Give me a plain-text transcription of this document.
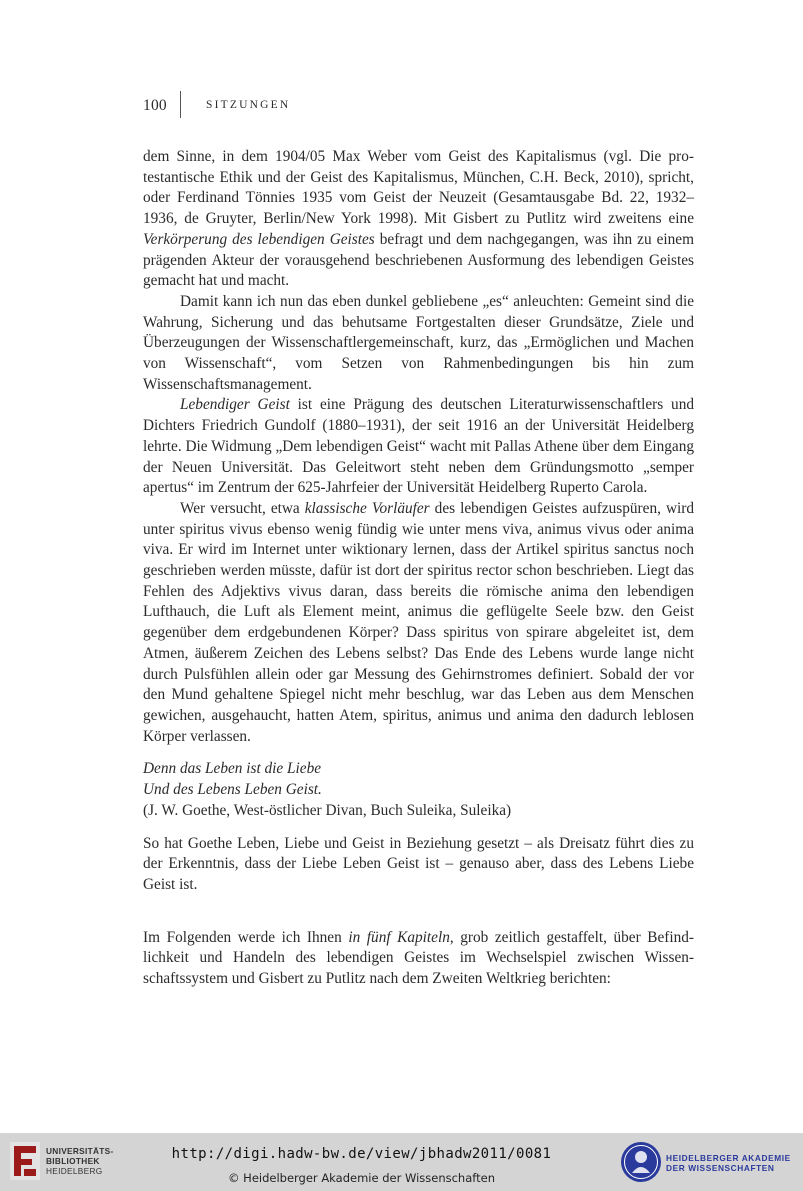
100	SITZUNGEN

dem Sinne, in dem 1904/05 Max Weber vom Geist des Kapitalismus (vgl. Die protestantische Ethik und der Geist des Kapitalismus, München, C.H. Beck, 2010), spricht, oder Ferdinand Tönnies 1935 vom Geist der Neuzeit (Gesamtausgabe Bd. 22, 1932–1936, de Gruyter, Berlin/New York 1998). Mit Gisbert zu Putlitz wird zweitens eine Verkörperung des lebendigen Geistes befragt und dem nachgegangen, was ihn zu einem prägenden Akteur der vorausgehend beschriebenen Ausformung des lebendigen Geistes gemacht hat und macht.

Damit kann ich nun das eben dunkel gebliebene „es“ anleuchten: Gemeint sind die Wahrung, Sicherung und das behutsame Fortgestalten dieser Grundsätze, Ziele und Überzeugungen der Wissenschaftlergemeinschaft, kurz, das „Ermöglichen und Machen von Wissenschaft“, vom Setzen von Rahmenbedingungen bis hin zum Wissenschaftsmanagement.

Lebendiger Geist ist eine Prägung des deutschen Literaturwissenschaftlers und Dichters Friedrich Gundolf (1880–1931), der seit 1916 an der Universität Heidelberg lehrte. Die Widmung „Dem lebendigen Geist“ wacht mit Pallas Athene über dem Eingang der Neuen Universität. Das Geleitwort steht neben dem Gründungsmotto „semper apertus“ im Zentrum der 625-Jahrfeier der Universität Heidelberg Ruperto Carola.

Wer versucht, etwa klassische Vorläufer des lebendigen Geistes aufzuspüren, wird unter spiritus vivus ebenso wenig fündig wie unter mens viva, animus vivus oder anima viva. Er wird im Internet unter wiktionary lernen, dass der Artikel spiritus sanctus noch geschrieben werden müsste, dafür ist dort der spiritus rector schon beschrieben. Liegt das Fehlen des Adjektivs vivus daran, dass bereits die römische anima den lebendigen Lufthauch, die Luft als Element meint, animus die geflügelte Seele bzw. den Geist gegenüber dem erdgebundenen Körper? Dass spiritus von spirare abgeleitet ist, dem Atmen, äußerem Zeichen des Lebens selbst? Das Ende des Lebens wurde lange nicht durch Pulsfühlen allein oder gar Messung des Gehirnstromes definiert. Sobald der vor den Mund gehaltene Spiegel nicht mehr beschlug, war das Leben aus dem Menschen gewichen, ausgehaucht, hatten Atem, spiritus, animus und anima den dadurch leblosen Körper verlassen.

Denn das Leben ist die Liebe
Und des Lebens Leben Geist.
(J. W. Goethe, West-östlicher Divan, Buch Suleika, Suleika)

So hat Goethe Leben, Liebe und Geist in Beziehung gesetzt – als Dreisatz führt dies zu der Erkenntnis, dass der Liebe Leben Geist ist – genauso aber, dass des Lebens Liebe Geist ist.

Im Folgenden werde ich Ihnen in fünf Kapiteln, grob zeitlich gestaffelt, über Befindlichkeit und Handeln des lebendigen Geistes im Wechselspiel zwischen Wissenschaftssystem und Gisbert zu Putlitz nach dem Zweiten Weltkrieg berichten:

UNIVERSITÄTS-
BIBLIOTHEK
HEIDELBERG
http://digi.hadw-bw.de/view/jbhadw2011/0081
© Heidelberger Akademie der Wissenschaften
HEIDELBERGER AKADEMIE
DER WISSENSCHAFTEN
